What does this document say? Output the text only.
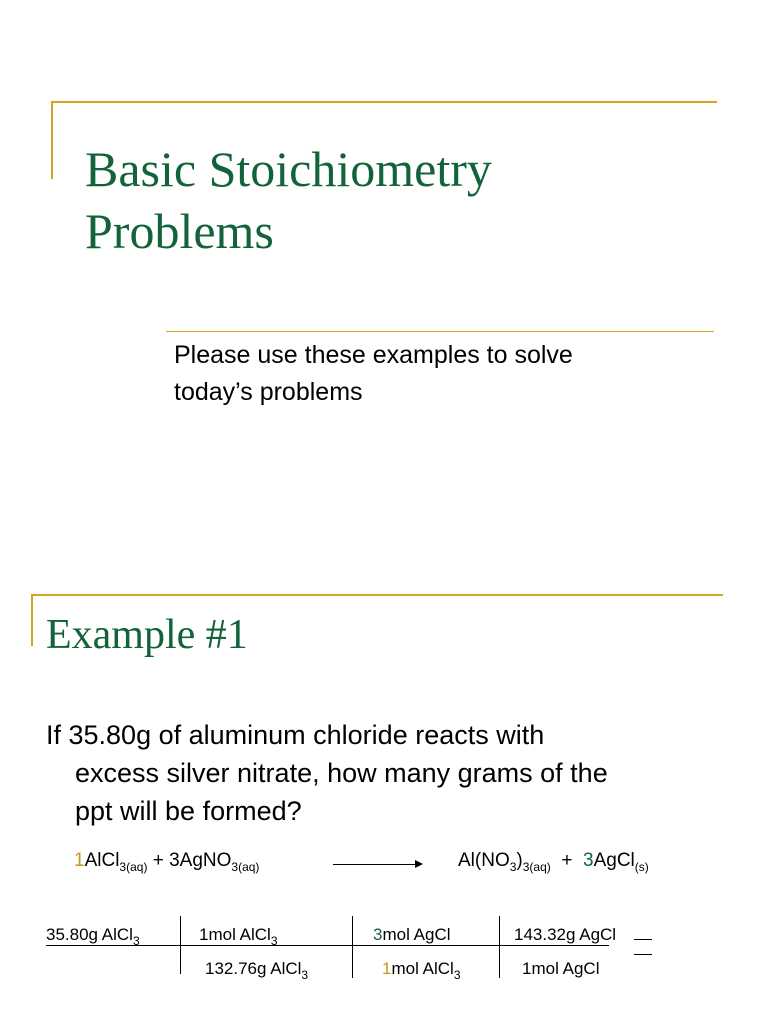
Basic Stoichiometry
Problems
Please use these examples to solve
today’s problems
Example #1
If 35.80g of aluminum chloride reacts with
excess silver nitrate, how many grams of the
ppt will be formed?
1AlCl$_{3(aq)}$ + 3AgNO$_{3(aq)}$	$Al(NO_3)_{3(aq)}$ + 3AgCl$_{(s)}$
35.80g AlCl$_3$	1mol AlCl$_3$
132.76g AlCl$_3$
3mol AgCl
1mol AlCl$_3$
143.32g AgCl
1mol AgCl
